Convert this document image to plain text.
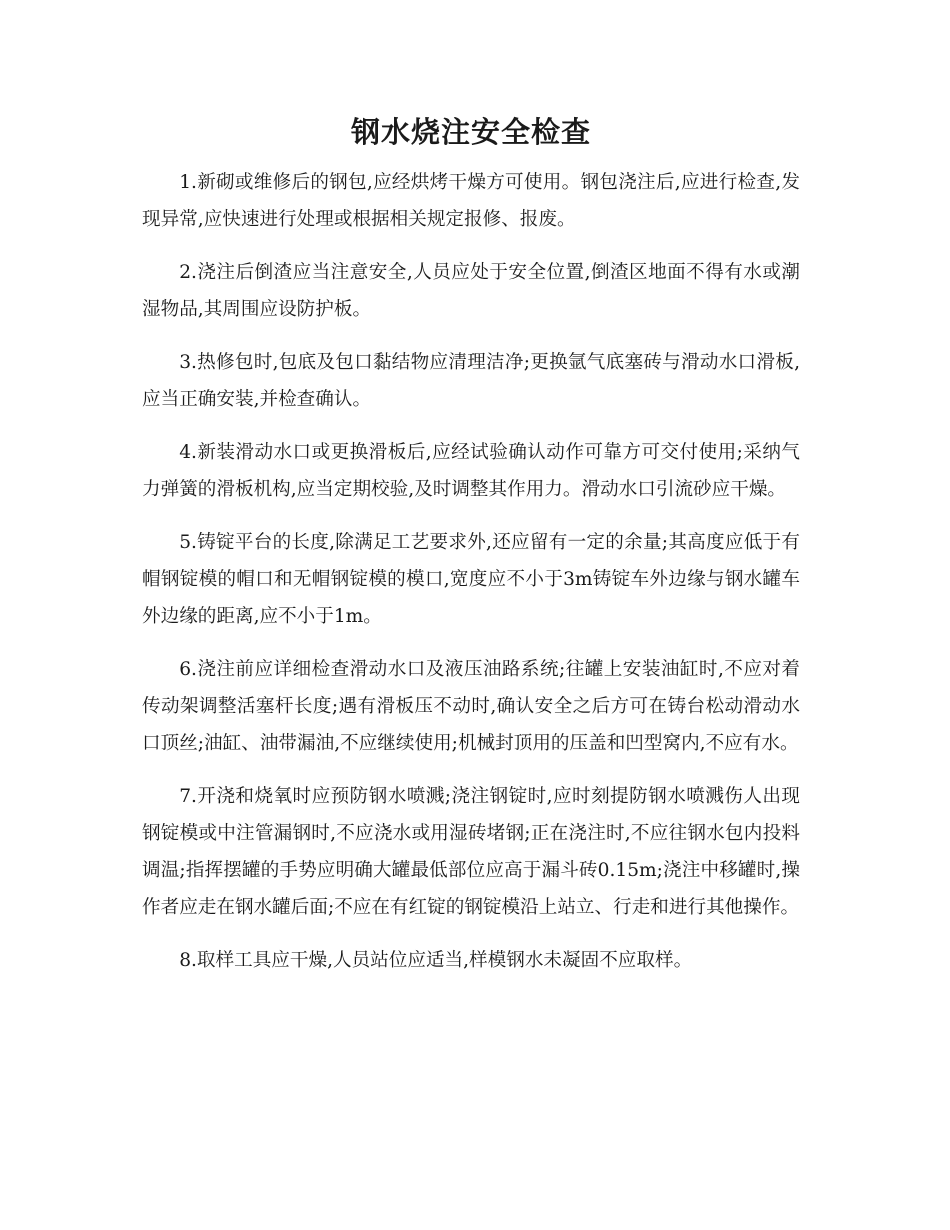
钢水烧注安全检查

1.新砌或维修后的钢包,应经烘烤干燥方可使用。钢包浇注后,应进行检查,发现异常,应快速进行处理或根据相关规定报修、报废。

2.浇注后倒渣应当注意安全,人员应处于安全位置,倒渣区地面不得有水或潮湿物品,其周围应设防护板。

3.热修包时,包底及包口黏结物应清理洁净;更换氩气底塞砖与滑动水口滑板,应当正确安装,并检查确认。

4.新装滑动水口或更换滑板后,应经试验确认动作可靠方可交付使用;采纳气力弹簧的滑板机构,应当定期校验,及时调整其作用力。滑动水口引流砂应干燥。

5.铸锭平台的长度,除满足工艺要求外,还应留有一定的余量;其高度应低于有帽钢锭模的帽口和无帽钢锭模的模口,宽度应不小于3m铸锭车外边缘与钢水罐车外边缘的距离,应不小于1m。

6.浇注前应详细检查滑动水口及液压油路系统;往罐上安装油缸时,不应对着传动架调整活塞杆长度;遇有滑板压不动时,确认安全之后方可在铸台松动滑动水口顶丝;油缸、油带漏油,不应继续使用;机械封顶用的压盖和凹型窝内,不应有水。

7.开浇和烧氧时应预防钢水喷溅;浇注钢锭时,应时刻提防钢水喷溅伤人出现钢锭模或中注管漏钢时,不应浇水或用湿砖堵钢;正在浇注时,不应往钢水包内投料调温;指挥摆罐的手势应明确大罐最低部位应高于漏斗砖0.15m;浇注中移罐时,操作者应走在钢水罐后面;不应在有红锭的钢锭模沿上站立、行走和进行其他操作。

8.取样工具应干燥,人员站位应适当,样模钢水未凝固不应取样。
